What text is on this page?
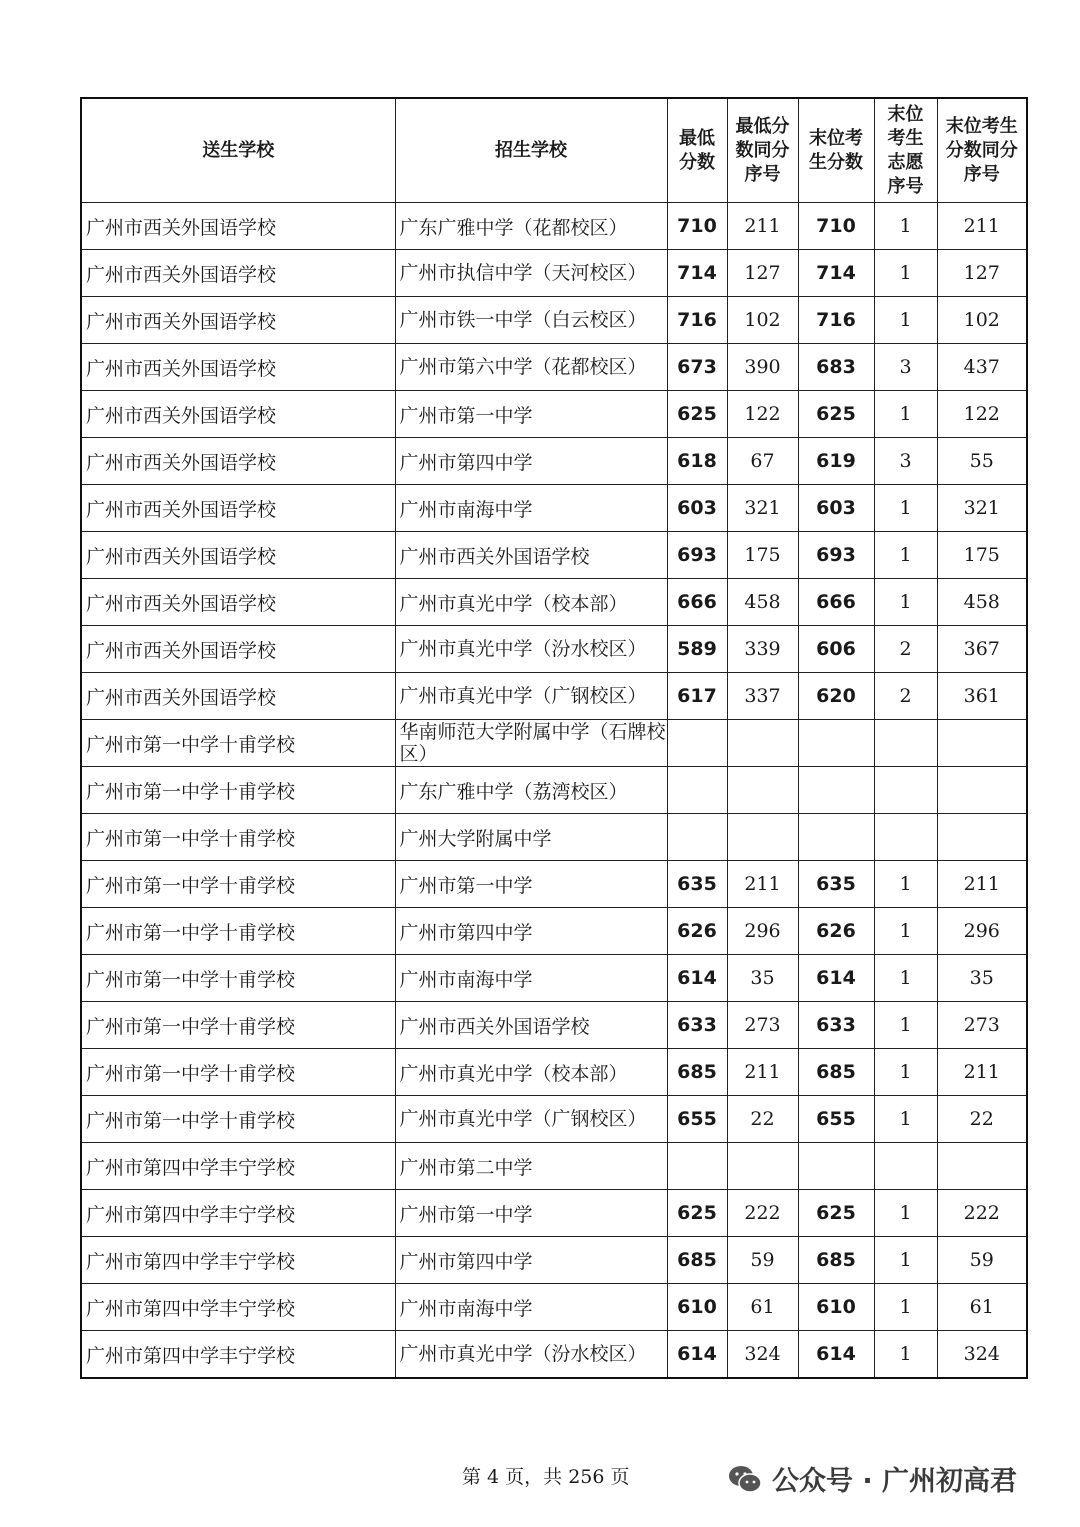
送生学校	招生学校	最低分数	最低分数同分序号	末位考生分数	末位考生志愿序号	末位考生分数同分序号

广州市西关外国语学校	广东广雅中学（花都校区）	710	211	710	1	211
广州市西关外国语学校	广州市执信中学（天河校区）	714	127	714	1	127
广州市西关外国语学校	广州市铁一中学（白云校区）	716	102	716	1	102
广州市西关外国语学校	广州市第六中学（花都校区）	673	390	683	3	437
广州市西关外国语学校	广州市第一中学	625	122	625	1	122
广州市西关外国语学校	广州市第四中学	618	67	619	3	55
广州市西关外国语学校	广州市南海中学	603	321	603	1	321
广州市西关外国语学校	广州市西关外国语学校	693	175	693	1	175
广州市西关外国语学校	广州市真光中学（校本部）	666	458	666	1	458
广州市西关外国语学校	广州市真光中学（汾水校区）	589	339	606	2	367
广州市西关外国语学校	广州市真光中学（广钢校区）	617	337	620	2	361
广州市第一中学十甫学校	华南师范大学附属中学（石牌校区）					
广州市第一中学十甫学校	广东广雅中学（荔湾校区）					
广州市第一中学十甫学校	广州大学附属中学					
广州市第一中学十甫学校	广州市第一中学	635	211	635	1	211
广州市第一中学十甫学校	广州市第四中学	626	296	626	1	296
广州市第一中学十甫学校	广州市南海中学	614	35	614	1	35
广州市第一中学十甫学校	广州市西关外国语学校	633	273	633	1	273
广州市第一中学十甫学校	广州市真光中学（校本部）	685	211	685	1	211
广州市第一中学十甫学校	广州市真光中学（广钢校区）	655	22	655	1	22
广州市第四中学丰宁学校	广州市第二中学					
广州市第四中学丰宁学校	广州市第一中学	625	222	625	1	222
广州市第四中学丰宁学校	广州市第四中学	685	59	685	1	59
广州市第四中学丰宁学校	广州市南海中学	610	61	610	1	61
广州市第四中学丰宁学校	广州市真光中学（汾水校区）	614	324	614	1	324
第 4 页，共 256 页	公众号 · 广州初高君
